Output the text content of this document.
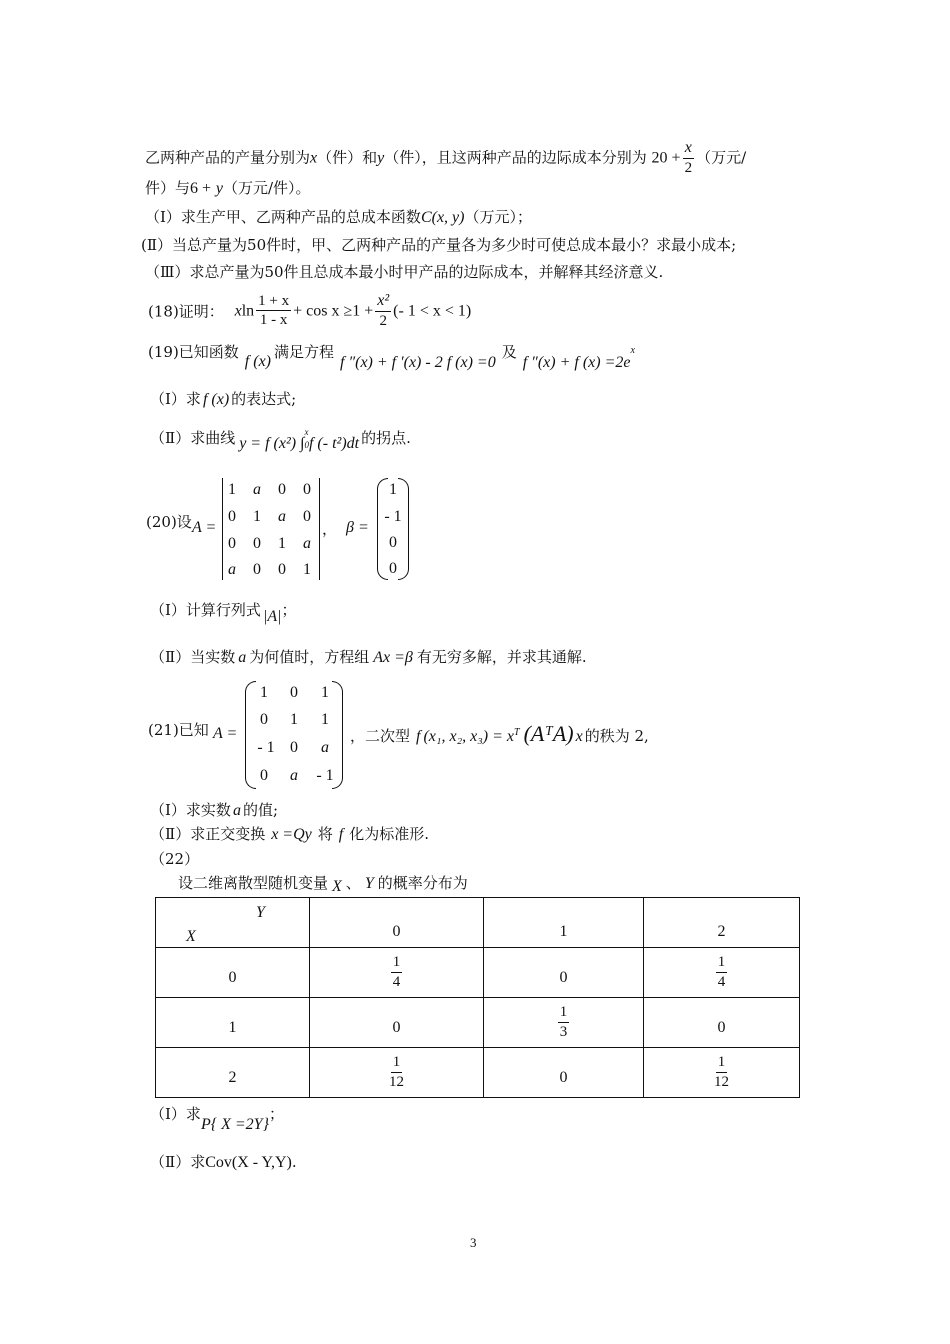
乙两种产品的产量分别为x（件）和y（件），且这两种产品的边际成本分别为 $20 + \frac{x}{2}$ （万元/
件）与6 + y（万元/件）。
（Ⅰ）求生产甲、乙两种产品的总成本函数C(x, y)（万元）；
(Ⅱ）当总产量为50件时，甲、乙两种产品的产量各为多少时可使总成本最小？求最小成本;
（Ⅲ）求总产量为50件且总成本最小时甲产品的边际成本，并解释其经济意义.
(18)证明： xln $\frac{1 + x}{1 - x} + \cos x \ge 1 + \frac{\text{x²}}{2}$ (- 1 < x < 1)
(19)已知函数f (x)满足方程f ″(x) + f ′(x) - 2 f (x) =0及f ″(x) + f $(x) =2e^x$
（Ⅰ）求 f (x) 的表达式;
（Ⅱ）求曲线 y = f (x²) ∫
x
0 f (- t²)dt 的拐点.
(20)设 A =
1	a	0	0
0	1	a	0
0	0	1	a
a	0	0	1
， β =
1
- 1
0
0
（Ⅰ）计算行列式 |A|；
（Ⅱ）当实数 a 为何值时，方程组 Ax =β 有无穷多解，并求其通解.
(21)已知 A =
1	0	1
0	1	1
- 1 0	a
0	a	- 1
，二次型 f (x₁, x₂, $x_3) = x^T$ (AᵀA) x 的秩为 2,
（Ⅰ）求实数 a 的值;
（Ⅱ）求正交变换 x =Qy 将 f 化为标准形.
（22）
设二维离散型随机变量 X 、 Y 的概率分布为
Y
X	0	1	2
0	$\frac{1}{4}$	0	$\frac{1}{4}$

1	0	$\frac{1}{3}$	0
2	$\frac{1}{12}$	0	$\frac{1}{12}$
（Ⅰ）求P{ X =2Y}；
（Ⅱ）求Cov(X - Y,Y).
3
